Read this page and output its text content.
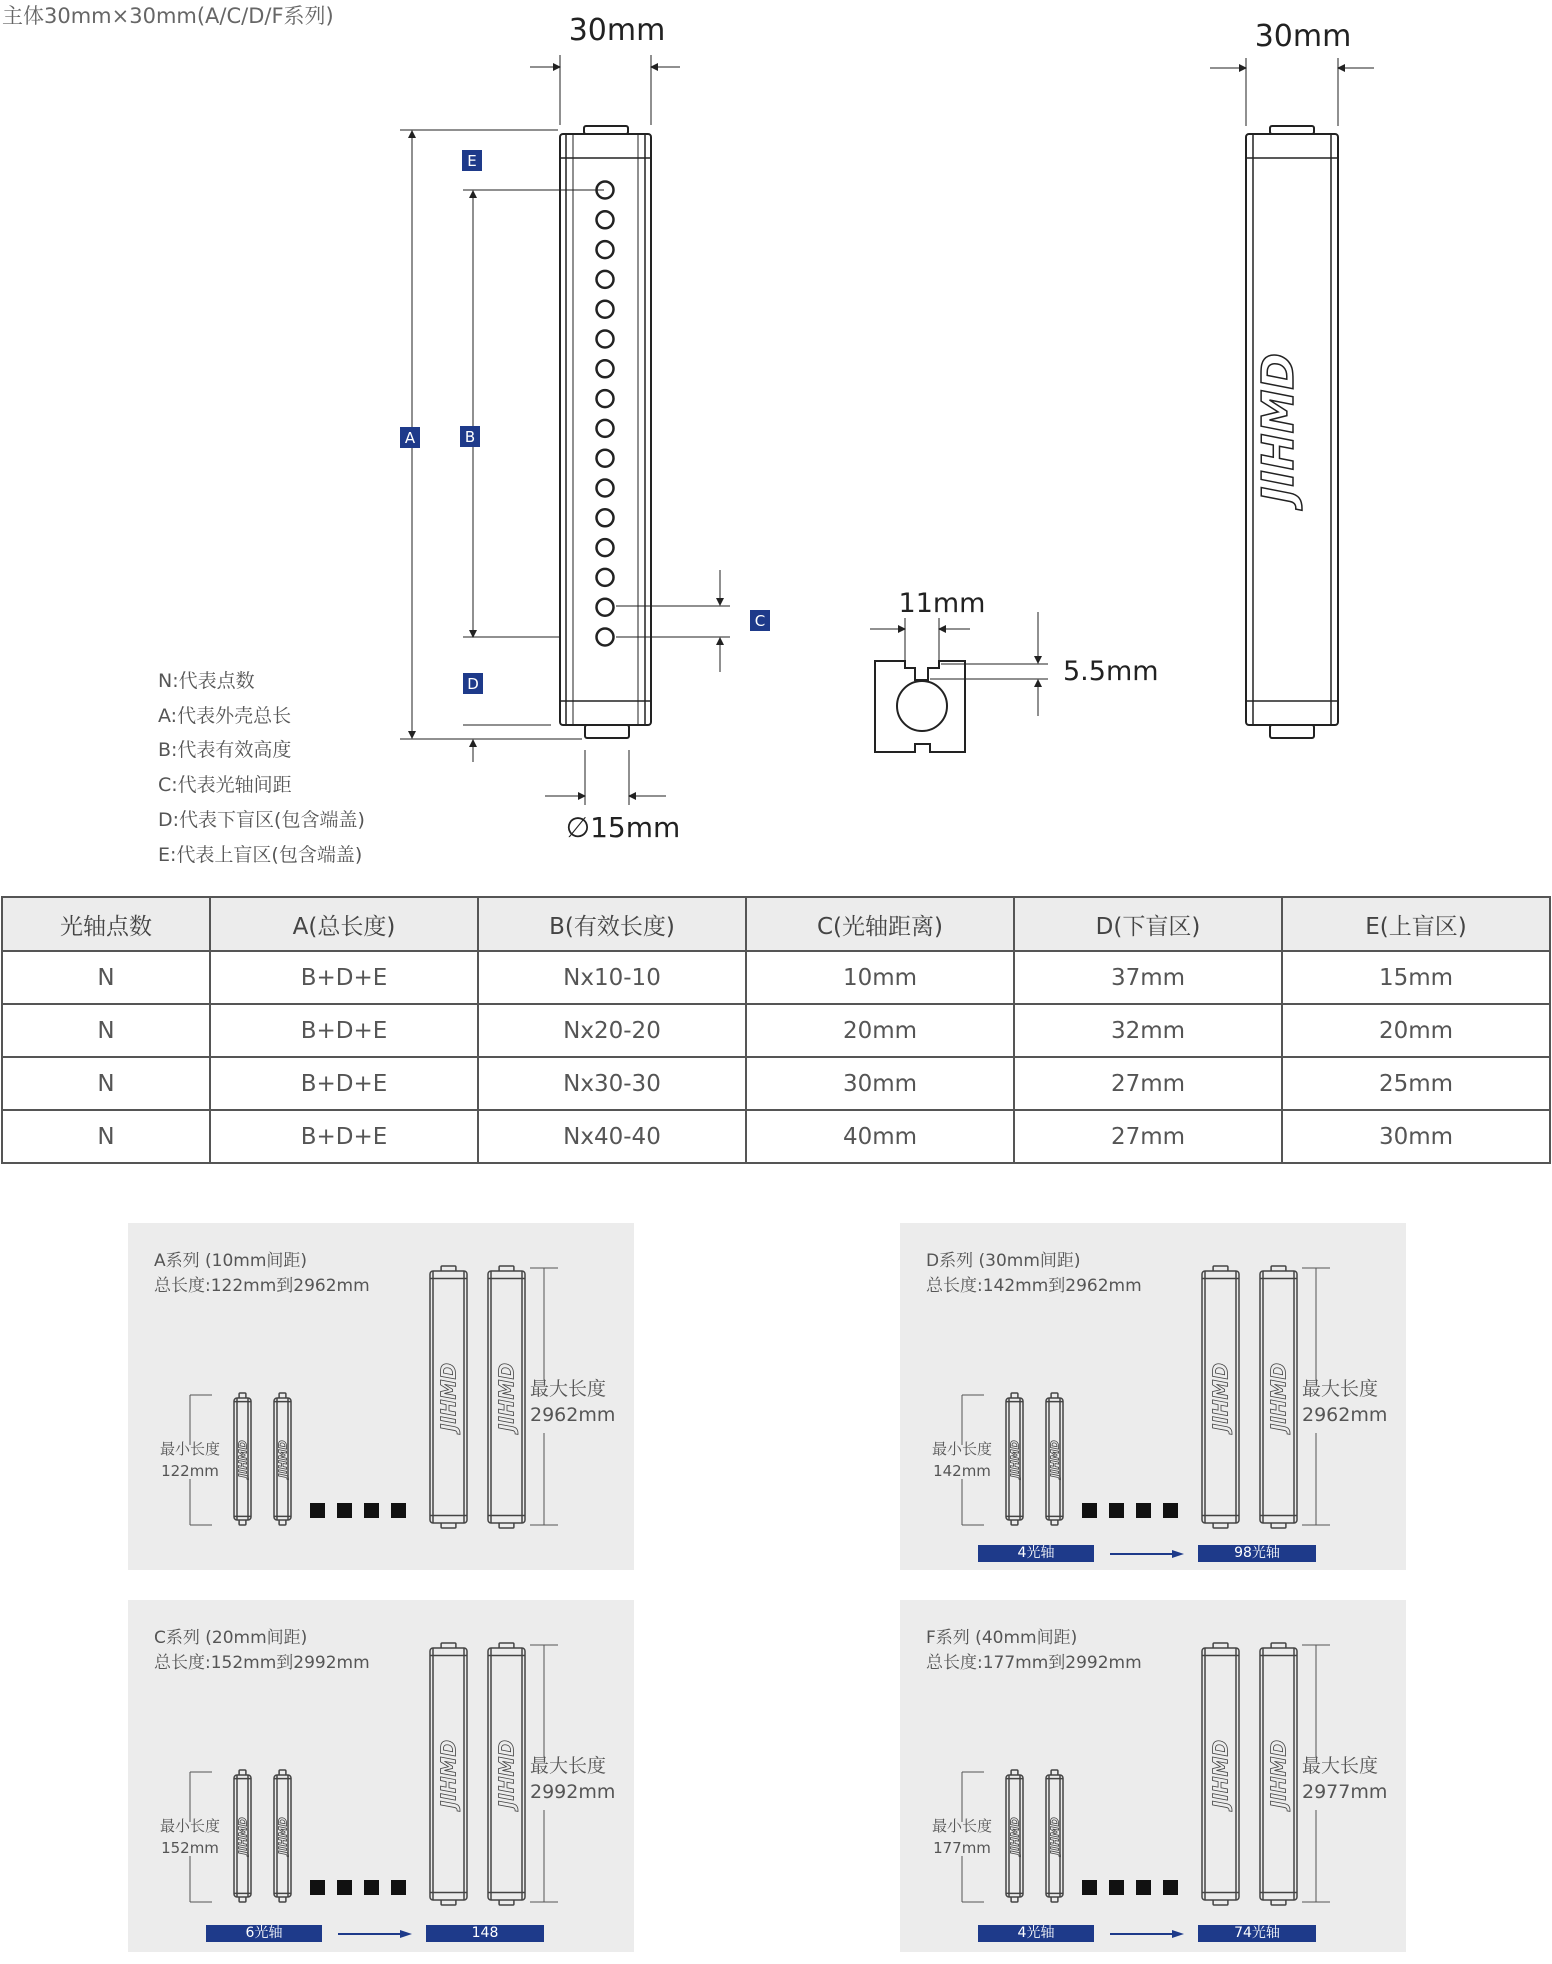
主体30mm×30mm(A/C/D/F系列)
A	B
C
D
E
30mm
∅15mm
11mm
5.5mm
30mm
JIHMD
N:代表点数
A:代表外壳总长
B:代表有效高度
C:代表光轴间距
D:代表下盲区(包含端盖)
E:代表上盲区(包含端盖)
光轴点数	A(总长度)	B(有效长度)	C(光轴距离)	D(下盲区)	E(上盲区)
N	B+D+E	Nx10-10	10mm	37mm	15mm
N	B+D+E	Nx20-20	20mm	32mm	20mm
N	B+D+E	Nx30-30	30mm	27mm	25mm
N	B+D+E	Nx40-40	40mm	27mm	30mm
A系列 (10mm间距)
总长度:122mm到2962mm
JIHMD JIHMD
JIHMD JIHMD
最小长度
122mm
最大长度
2962mm
D系列 (30mm间距)
总长度:142mm到2962mm
JIHMD JIHMD
JIHMD JIHMD
最小长度
142mm
最大长度
2962mm
4光轴	98光轴
C系列 (20mm间距)
总长度:152mm到2992mm
JIHMD JIHMD
JIHMD JIHMD
最小长度
152mm
最大长度
2992mm
6光轴	148
F系列 (40mm间距)
总长度:177mm到2992mm
JIHMD JIHMD
JIHMD JIHMD
最小长度
177mm
最大长度
2977mm
4光轴	74光轴
